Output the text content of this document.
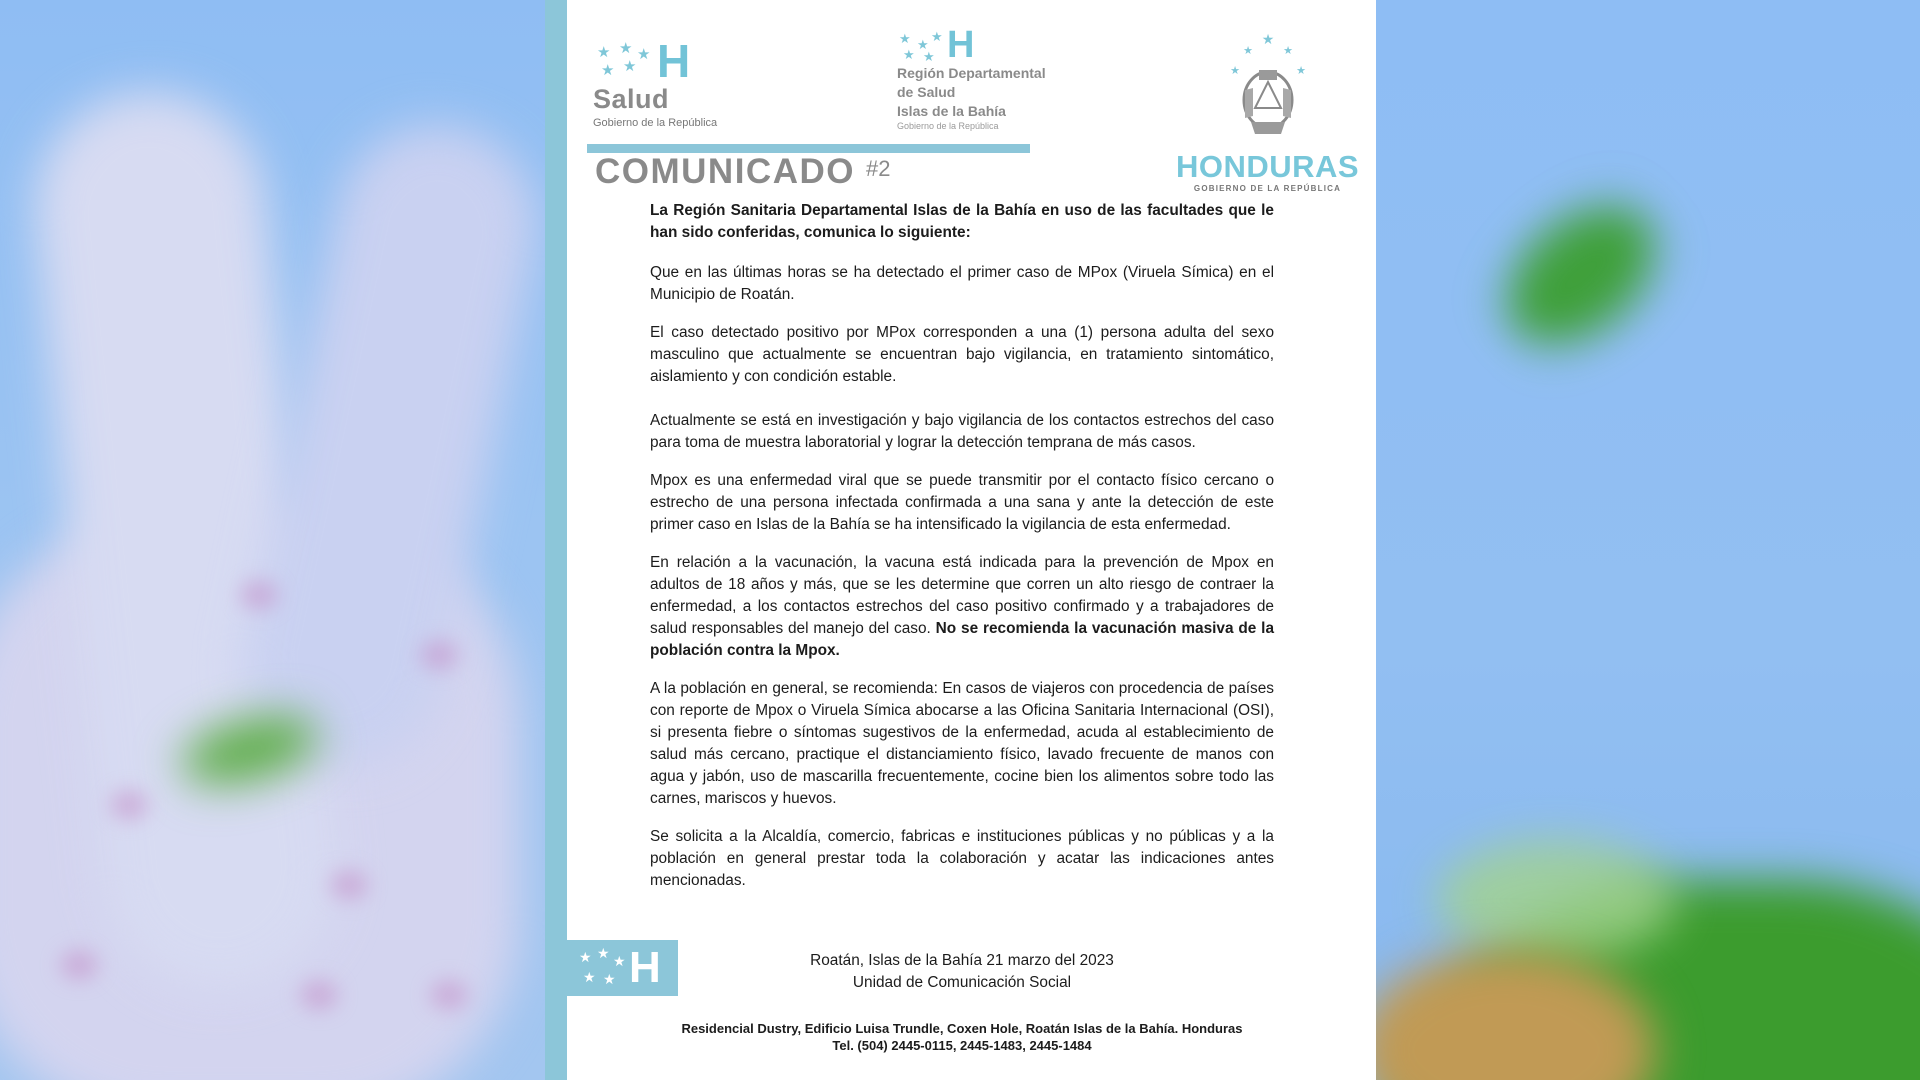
★ ★ ★
★ ★ H
Salud
Gobierno de la República
★ ★
★
★ ★ H
Región Departamental
de Salud
Islas de la Bahía
Gobierno de la República
★
★	★
★	★
HONDURAS
GOBIERNO DE LA REPÚBLICA
COMUNICADO #2

La Región Sanitaria Departamental Islas de la Bahía en uso de las facultades que le han sido conferidas, comunica lo siguiente:

Que en las últimas horas se ha detectado el primer caso de MPox (Viruela Símica) en el Municipio de Roatán.

El caso detectado positivo por MPox corresponden a una (1) persona adulta del sexo masculino que actualmente se encuentran bajo vigilancia, en tratamiento sintomático, aislamiento y con condición estable.

Actualmente se está en investigación y bajo vigilancia de los contactos estrechos del caso para toma de muestra laboratorial y lograr la detección temprana de más casos.

Mpox es una enfermedad viral que se puede transmitir por el contacto físico cercano o estrecho de una persona infectada confirmada a una sana y ante la detección de este primer caso en Islas de la Bahía se ha intensificado la vigilancia de esta enfermedad.

En relación a la vacunación, la vacuna está indicada para la prevención de Mpox en adultos de 18 años y más, que se les determine que corren un alto riesgo de contraer la enfermedad, a los contactos estrechos del caso positivo confirmado y a trabajadores de salud responsables del manejo del caso. No se recomienda la vacunación masiva de la población contra la Mpox.

A la población en general, se recomienda: En casos de viajeros con procedencia de países con reporte de Mpox o Viruela Símica abocarse a las Oficina Sanitaria Internacional (OSI), si presenta fiebre o síntomas sugestivos de la enfermedad, acuda al establecimiento de salud más cercano, practique el distanciamiento físico, lavado frecuente de manos con agua y jabón, uso de mascarilla frecuentemente, cocine bien los alimentos sobre todo las carnes, mariscos y huevos.

Se solicita a la Alcaldía, comercio, fabricas e instituciones públicas y no públicas y a la población en general prestar toda la colaboración y acatar las indicaciones antes mencionadas.

★ ★ ★
★ ★ H	Roatán, Islas de la Bahía 21 marzo del 2023
Unidad de Comunicación Social
Residencial Dustry, Edificio Luisa Trundle, Coxen Hole, Roatán Islas de la Bahía. Honduras
Tel. (504) 2445-0115, 2445-1483, 2445-1484
